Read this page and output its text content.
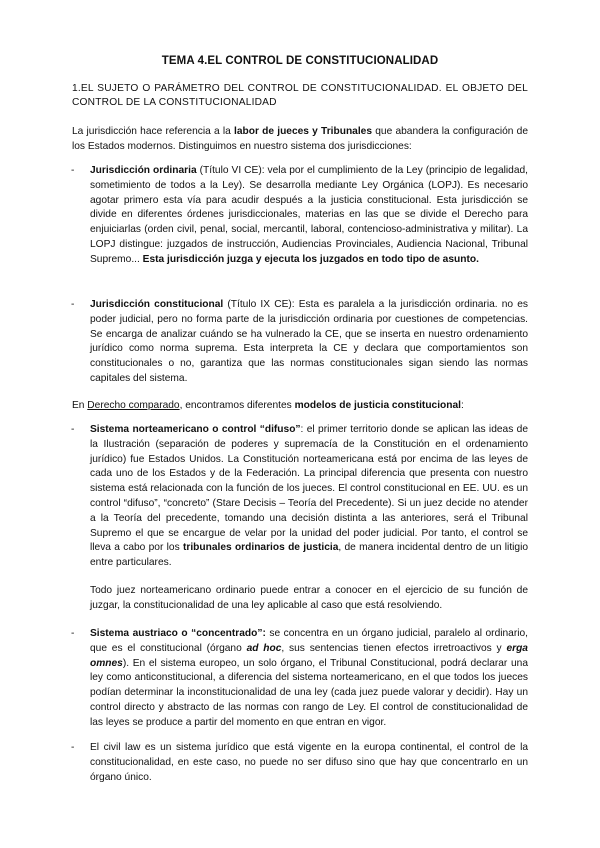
TEMA 4.EL CONTROL DE CONSTITUCIONALIDAD
1.EL SUJETO O PARÁMETRO DEL CONTROL DE CONSTITUCIONALIDAD. EL OBJETO DEL CONTROL DE LA CONSTITUCIONALIDAD

La jurisdicción hace referencia a la labor de jueces y Tribunales que abandera la configuración de los Estados modernos. Distinguimos en nuestro sistema dos jurisdicciones:

- Jurisdicción ordinaria (Título VI CE): vela por el cumplimiento de la Ley (principio de legalidad, sometimiento de todos a la Ley). Se desarrolla mediante Ley Orgánica (LOPJ). Es necesario agotar primero esta vía para acudir después a la justicia constitucional. Esta jurisdicción se divide en diferentes órdenes jurisdiccionales, materias en las que se divide el Derecho para enjuiciarlas (orden civil, penal, social, mercantil, laboral, contencioso-administrativa y militar). La LOPJ distingue: juzgados de instrucción, Audiencias Provinciales, Audiencia Nacional, Tribunal Supremo... Esta jurisdicción juzga y ejecuta los juzgados en todo tipo de asunto.
- Jurisdicción constitucional (Título IX CE): Esta es paralela a la jurisdicción ordinaria. no es poder judicial, pero no forma parte de la jurisdicción ordinaria por cuestiones de competencias. Se encarga de analizar cuándo se ha vulnerado la CE, que se inserta en nuestro ordenamiento jurídico como norma suprema. Esta interpreta la CE y declara que comportamientos son constitucionales o no, garantiza que las normas constitucionales sigan siendo las normas capitales del sistema.

En Derecho comparado, encontramos diferentes modelos de justicia constitucional:

- Sistema norteamericano o control “difuso”: el primer territorio donde se aplican las ideas de la Ilustración (separación de poderes y supremacía de la Constitución en el ordenamiento jurídico) fue Estados Unidos. La Constitución norteamericana está por encima de las leyes de cada uno de los Estados y de la Federación. La principal diferencia que presenta con nuestro sistema está relacionada con la función de los jueces. El control constitucional en EE. UU. es un control “difuso”, “concreto” (Stare Decisis – Teoría del Precedente). Si un juez decide no atender a la Teoría del precedente, tomando una decisión distinta a las anteriores, será el Tribunal Supremo el que se encargue de velar por la unidad del poder judicial. Por tanto, el control se lleva a cabo por los tribunales ordinarios de justicia, de manera incidental dentro de un litigio entre particulares.

Todo juez norteamericano ordinario puede entrar a conocer en el ejercicio de su función de juzgar, la constitucionalidad de una ley aplicable al caso que está resolviendo.

- Sistema austriaco o “concentrado”: se concentra en un órgano judicial, paralelo al ordinario, que es el constitucional (órgano ad hoc, sus sentencias tienen efectos irretroactivos y erga omnes). En el sistema europeo, un solo órgano, el Tribunal Constitucional, podrá declarar una ley como anticonstitucional, a diferencia del sistema norteamericano, en el que todos los jueces podían determinar la inconstitucionalidad de una ley (cada juez puede valorar y decidir). Hay un control directo y abstracto de las normas con rango de Ley. El control de constitucionalidad de las leyes se produce a partir del momento en que entran en vigor.
- El civil law es un sistema jurídico que está vigente en la europa continental, el control de la constitucionalidad, en este caso, no puede no ser difuso sino que hay que concentrarlo en un órgano único.
